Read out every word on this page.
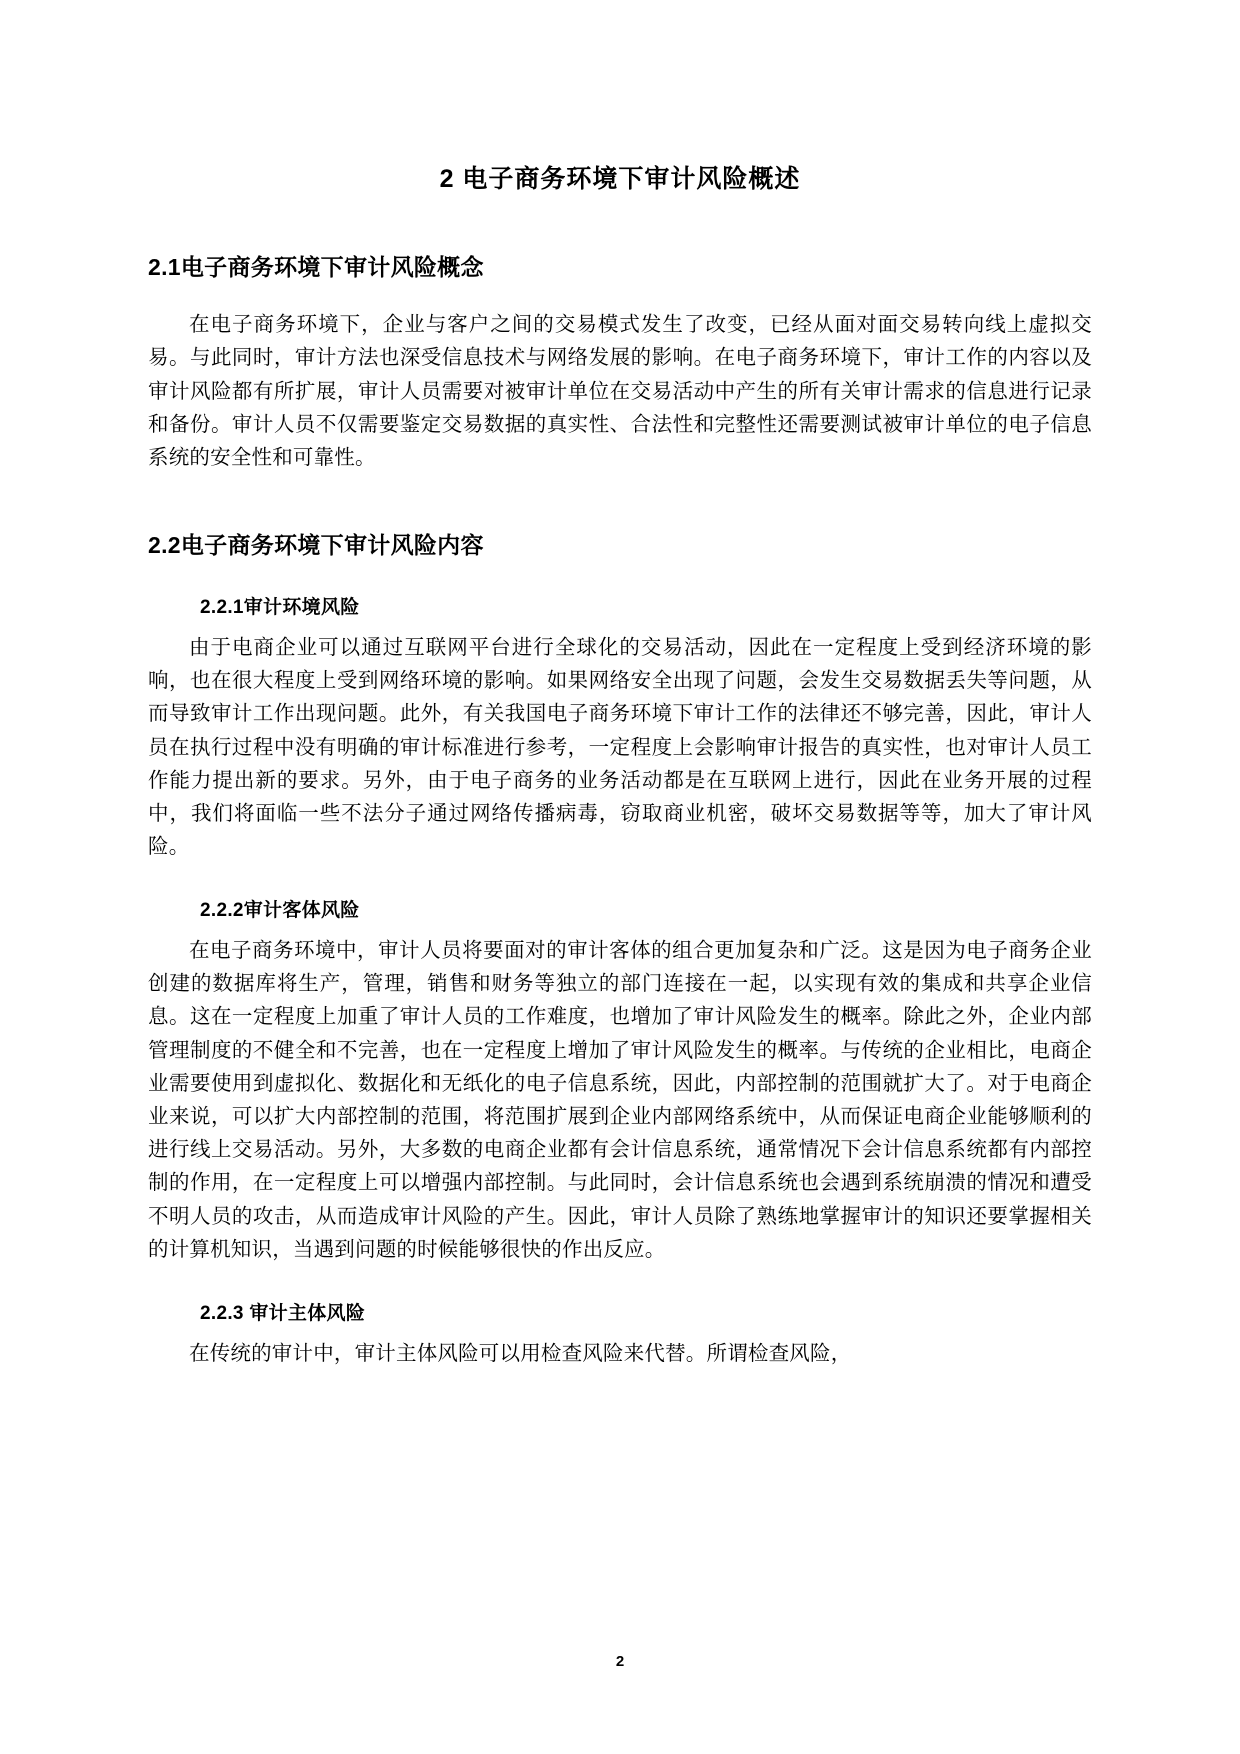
2 电子商务环境下审计风险概述
2.1电子商务环境下审计风险概念

在电子商务环境下，企业与客户之间的交易模式发生了改变，已经从面对面交易转向线上虚拟交易。与此同时，审计方法也深受信息技术与网络发展的影响。在电子商务环境下，审计工作的内容以及审计风险都有所扩展，审计人员需要对被审计单位在交易活动中产生的所有关审计需求的信息进行记录和备份。审计人员不仅需要鉴定交易数据的真实性、合法性和完整性还需要测试被审计单位的电子信息系统的安全性和可靠性。

2.2电子商务环境下审计风险内容
2.2.1审计环境风险

由于电商企业可以通过互联网平台进行全球化的交易活动，因此在一定程度上受到经济环境的影响，也在很大程度上受到网络环境的影响。如果网络安全出现了问题，会发生交易数据丢失等问题，从而导致审计工作出现问题。此外，有关我国电子商务环境下审计工作的法律还不够完善，因此，审计人员在执行过程中没有明确的审计标准进行参考，一定程度上会影响审计报告的真实性，也对审计人员工作能力提出新的要求。另外，由于电子商务的业务活动都是在互联网上进行，因此在业务开展的过程中，我们将面临一些不法分子通过网络传播病毒，窃取商业机密，破坏交易数据等等，加大了审计风险。

2.2.2审计客体风险

在电子商务环境中，审计人员将要面对的审计客体的组合更加复杂和广泛。这是因为电子商务企业创建的数据库将生产，管理，销售和财务等独立的部门连接在一起，以实现有效的集成和共享企业信息。这在一定程度上加重了审计人员的工作难度，也增加了审计风险发生的概率。除此之外，企业内部管理制度的不健全和不完善，也在一定程度上增加了审计风险发生的概率。与传统的企业相比，电商企业需要使用到虚拟化、数据化和无纸化的电子信息系统，因此，内部控制的范围就扩大了。对于电商企业来说，可以扩大内部控制的范围，将范围扩展到企业内部网络系统中，从而保证电商企业能够顺利的进行线上交易活动。另外，大多数的电商企业都有会计信息系统，通常情况下会计信息系统都有内部控制的作用，在一定程度上可以增强内部控制。与此同时，会计信息系统也会遇到系统崩溃的情况和遭受不明人员的攻击，从而造成审计风险的产生。因此，审计人员除了熟练地掌握审计的知识还要掌握相关的计算机知识，当遇到问题的时候能够很快的作出反应。

2.2.3 审计主体风险

在传统的审计中，审计主体风险可以用检查风险来代替。所谓检查风险，

2
